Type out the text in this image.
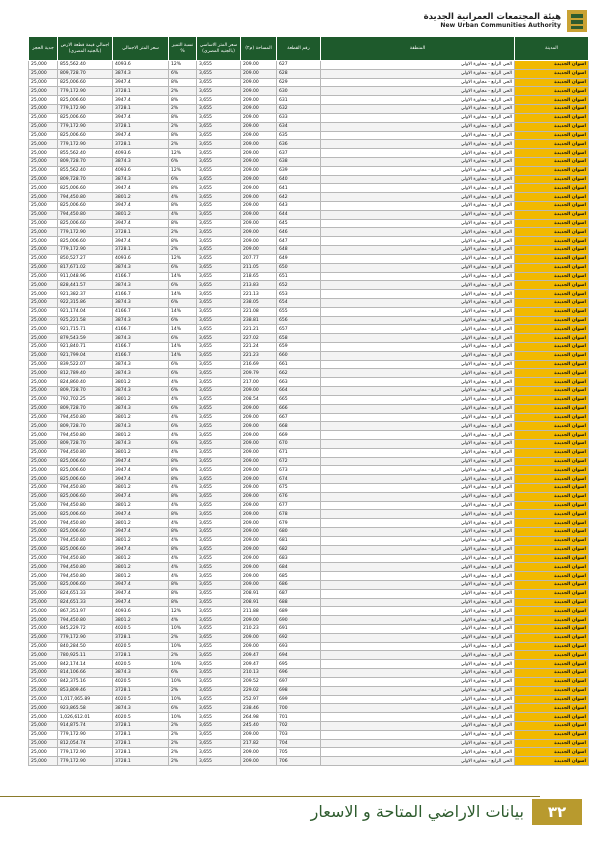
هيئة المجتمعات العمرانية الجديدة
New Urban Communities Authority
جدية الحجز	اجمالي قيمة قطعة الارض (بالجنيه المصري)	سعر المتر الاجمالي	نسبة التميز %	سعر المتر الاساسي (بالجنيه المصري)	المساحة (م٢)	رقم القطعة	المنطقة	المدينة
25,000	855,562.40	4093.6	12%	3,655	209.00	627	الحي الرابع - مجاورة الاولي	اسوان الجديدة
25,000	809,728.70	3874.3	6%	3,655	209.00	628	الحي الرابع - مجاورة الاولي	اسوان الجديدة
25,000	825,006.60	3947.4	8%	3,655	209.00	629	الحي الرابع - مجاورة الاولي	اسوان الجديدة
25,000	779,172.90	3728.1	2%	3,655	209.00	630	الحي الرابع - مجاورة الاولي	اسوان الجديدة
25,000	825,006.60	3947.4	8%	3,655	209.00	631	الحي الرابع - مجاورة الاولي	اسوان الجديدة
25,000	779,172.90	3728.1	2%	3,655	209.00	632	الحي الرابع - مجاورة الاولي	اسوان الجديدة
25,000	825,006.60	3947.4	8%	3,655	209.00	633	الحي الرابع - مجاورة الاولي	اسوان الجديدة
25,000	779,172.90	3728.1	2%	3,655	209.00	634	الحي الرابع - مجاورة الاولي	اسوان الجديدة
25,000	825,006.60	3947.4	8%	3,655	209.00	635	الحي الرابع - مجاورة الاولي	اسوان الجديدة
25,000	779,172.90	3728.1	2%	3,655	209.00	636	الحي الرابع - مجاورة الاولي	اسوان الجديدة
25,000	855,562.40	4093.6	12%	3,655	209.00	637	الحي الرابع - مجاورة الاولي	اسوان الجديدة
25,000	809,728.70	3874.3	6%	3,655	209.00	638	الحي الرابع - مجاورة الاولي	اسوان الجديدة
25,000	855,562.40	4093.6	12%	3,655	209.00	639	الحي الرابع - مجاورة الاولي	اسوان الجديدة
25,000	809,728.70	3874.3	6%	3,655	209.00	640	الحي الرابع - مجاورة الاولي	اسوان الجديدة
25,000	825,006.60	3947.4	8%	3,655	209.00	641	الحي الرابع - مجاورة الاولي	اسوان الجديدة
25,000	794,450.80	3801.2	4%	3,655	209.00	642	الحي الرابع - مجاورة الاولي	اسوان الجديدة
25,000	825,006.60	3947.4	8%	3,655	209.00	643	الحي الرابع - مجاورة الاولي	اسوان الجديدة
25,000	794,450.80	3801.2	4%	3,655	209.00	644	الحي الرابع - مجاورة الاولي	اسوان الجديدة
25,000	825,006.60	3947.4	8%	3,655	209.00	645	الحي الرابع - مجاورة الاولي	اسوان الجديدة
25,000	779,172.90	3728.1	2%	3,655	209.00	646	الحي الرابع - مجاورة الاولي	اسوان الجديدة
25,000	825,006.60	3947.4	8%	3,655	209.00	647	الحي الرابع - مجاورة الاولي	اسوان الجديدة
25,000	779,172.90	3728.1	2%	3,655	209.00	648	الحي الرابع - مجاورة الاولي	اسوان الجديدة
25,000	850,527.27	4093.6	12%	3,655	207.77	649	الحي الرابع - مجاورة الاولي	اسوان الجديدة
25,000	817,671.02	3874.3	6%	3,655	211.05	650	الحي الرابع - مجاورة الاولي	اسوان الجديدة
25,000	911,048.96	4166.7	14%	3,655	218.65	651	الحي الرابع - مجاورة الاولي	اسوان الجديدة
25,000	828,441.57	3874.3	6%	3,655	213.83	652	الحي الرابع - مجاورة الاولي	اسوان الجديدة
25,000	921,382.37	4166.7	14%	3,655	221.13	653	الحي الرابع - مجاورة الاولي	اسوان الجديدة
25,000	922,315.86	3874.3	6%	3,655	238.05	654	الحي الرابع - مجاورة الاولي	اسوان الجديدة
25,000	921,174.04	4166.7	14%	3,655	221.08	655	الحي الرابع - مجاورة الاولي	اسوان الجديدة
25,000	925,221.58	3874.3	6%	3,655	238.81	656	الحي الرابع - مجاورة الاولي	اسوان الجديدة
25,000	921,715.71	4166.7	14%	3,655	221.21	657	الحي الرابع - مجاورة الاولي	اسوان الجديدة
25,000	879,543.59	3874.3	6%	3,655	227.02	658	الحي الرابع - مجاورة الاولي	اسوان الجديدة
25,000	921,840.71	4166.7	14%	3,655	221.24	659	الحي الرابع - مجاورة الاولي	اسوان الجديدة
25,000	921,799.04	4166.7	14%	3,655	221.23	660	الحي الرابع - مجاورة الاولي	اسوان الجديدة
25,000	839,522.07	3874.3	6%	3,655	216.69	661	الحي الرابع - مجاورة الاولي	اسوان الجديدة
25,000	812,789.40	3874.3	6%	3,655	209.79	662	الحي الرابع - مجاورة الاولي	اسوان الجديدة
25,000	824,860.40	3801.2	4%	3,655	217.00	663	الحي الرابع - مجاورة الاولي	اسوان الجديدة
25,000	809,728.70	3874.3	6%	3,655	209.00	664	الحي الرابع - مجاورة الاولي	اسوان الجديدة
25,000	792,702.25	3801.2	4%	3,655	208.54	665	الحي الرابع - مجاورة الاولي	اسوان الجديدة
25,000	809,728.70	3874.3	6%	3,655	209.00	666	الحي الرابع - مجاورة الاولي	اسوان الجديدة
25,000	794,450.80	3801.2	4%	3,655	209.00	667	الحي الرابع - مجاورة الاولي	اسوان الجديدة
25,000	809,728.70	3874.3	6%	3,655	209.00	668	الحي الرابع - مجاورة الاولي	اسوان الجديدة
25,000	794,450.80	3801.2	4%	3,655	209.00	669	الحي الرابع - مجاورة الاولي	اسوان الجديدة
25,000	809,728.70	3874.3	6%	3,655	209.00	670	الحي الرابع - مجاورة الاولي	اسوان الجديدة
25,000	794,450.80	3801.2	4%	3,655	209.00	671	الحي الرابع - مجاورة الاولي	اسوان الجديدة
25,000	825,006.60	3947.4	8%	3,655	209.00	672	الحي الرابع - مجاورة الاولي	اسوان الجديدة
25,000	825,006.60	3947.4	8%	3,655	209.00	673	الحي الرابع - مجاورة الاولي	اسوان الجديدة
25,000	825,006.60	3947.4	8%	3,655	209.00	674	الحي الرابع - مجاورة الاولي	اسوان الجديدة
25,000	794,450.80	3801.2	4%	3,655	209.00	675	الحي الرابع - مجاورة الاولي	اسوان الجديدة
25,000	825,006.60	3947.4	8%	3,655	209.00	676	الحي الرابع - مجاورة الاولي	اسوان الجديدة
25,000	794,450.80	3801.2	4%	3,655	209.00	677	الحي الرابع - مجاورة الاولي	اسوان الجديدة
25,000	825,006.60	3947.4	8%	3,655	209.00	678	الحي الرابع - مجاورة الاولي	اسوان الجديدة
25,000	794,450.80	3801.2	4%	3,655	209.00	679	الحي الرابع - مجاورة الاولي	اسوان الجديدة
25,000	825,006.60	3947.4	8%	3,655	209.00	680	الحي الرابع - مجاورة الاولي	اسوان الجديدة
25,000	794,450.80	3801.2	4%	3,655	209.00	681	الحي الرابع - مجاورة الاولي	اسوان الجديدة
25,000	825,006.60	3947.4	8%	3,655	209.00	682	الحي الرابع - مجاورة الاولي	اسوان الجديدة
25,000	794,450.80	3801.2	4%	3,655	209.00	683	الحي الرابع - مجاورة الاولي	اسوان الجديدة
25,000	794,450.80	3801.2	4%	3,655	209.00	684	الحي الرابع - مجاورة الاولي	اسوان الجديدة
25,000	794,450.80	3801.2	4%	3,655	209.00	685	الحي الرابع - مجاورة الاولي	اسوان الجديدة
25,000	825,006.60	3947.4	8%	3,655	209.00	686	الحي الرابع - مجاورة الاولي	اسوان الجديدة
25,000	824,651.33	3947.4	8%	3,655	208.91	687	الحي الرابع - مجاورة الاولي	اسوان الجديدة
25,000	824,651.33	3947.4	8%	3,655	208.91	688	الحي الرابع - مجاورة الاولي	اسوان الجديدة
25,000	867,351.97	4093.6	12%	3,655	211.88	689	الحي الرابع - مجاورة الاولي	اسوان الجديدة
25,000	794,450.80	3801.2	4%	3,655	209.00	690	الحي الرابع - مجاورة الاولي	اسوان الجديدة
25,000	845,229.72	4020.5	10%	3,655	210.23	691	الحي الرابع - مجاورة الاولي	اسوان الجديدة
25,000	779,172.90	3728.1	2%	3,655	209.00	692	الحي الرابع - مجاورة الاولي	اسوان الجديدة
25,000	840,284.50	4020.5	10%	3,655	209.00	693	الحي الرابع - مجاورة الاولي	اسوان الجديدة
25,000	780,925.11	3728.1	2%	3,655	209.47	694	الحي الرابع - مجاورة الاولي	اسوان الجديدة
25,000	842,174.14	4020.5	10%	3,655	209.47	695	الحي الرابع - مجاورة الاولي	اسوان الجديدة
25,000	814,106.66	3874.3	6%	3,655	210.13	696	الحي الرابع - مجاورة الاولي	اسوان الجديدة
25,000	842,375.16	4020.5	10%	3,655	209.52	697	الحي الرابع - مجاورة الاولي	اسوان الجديدة
25,000	853,809.46	3728.1	2%	3,655	229.02	698	الحي الرابع - مجاورة الاولي	اسوان الجديدة
25,000	1,017,065.89	4020.5	10%	3,655	252.97	699	الحي الرابع - مجاورة الاولي	اسوان الجديدة
25,000	923,865.58	3874.3	6%	3,655	238.46	700	الحي الرابع - مجاورة الاولي	اسوان الجديدة
25,000	1,026,612.01	4020.5	10%	3,655	264.98	701	الحي الرابع - مجاورة الاولي	اسوان الجديدة
25,000	914,875.74	3728.1	2%	3,655	245.40	702	الحي الرابع - مجاورة الاولي	اسوان الجديدة
25,000	779,172.90	3728.1	2%	3,655	209.00	703	الحي الرابع - مجاورة الاولي	اسوان الجديدة
25,000	812,054.74	3728.1	2%	3,655	217.82	704	الحي الرابع - مجاورة الاولي	اسوان الجديدة
25,000	779,172.90	3728.1	2%	3,655	209.00	705	الحي الرابع - مجاورة الاولي	اسوان الجديدة
25,000	779,172.90	3728.1	2%	3,655	209.00	706	الحي الرابع - مجاورة الاولي	اسوان الجديدة
بيانات الاراضي المتاحة و الاسعار	٣٢
